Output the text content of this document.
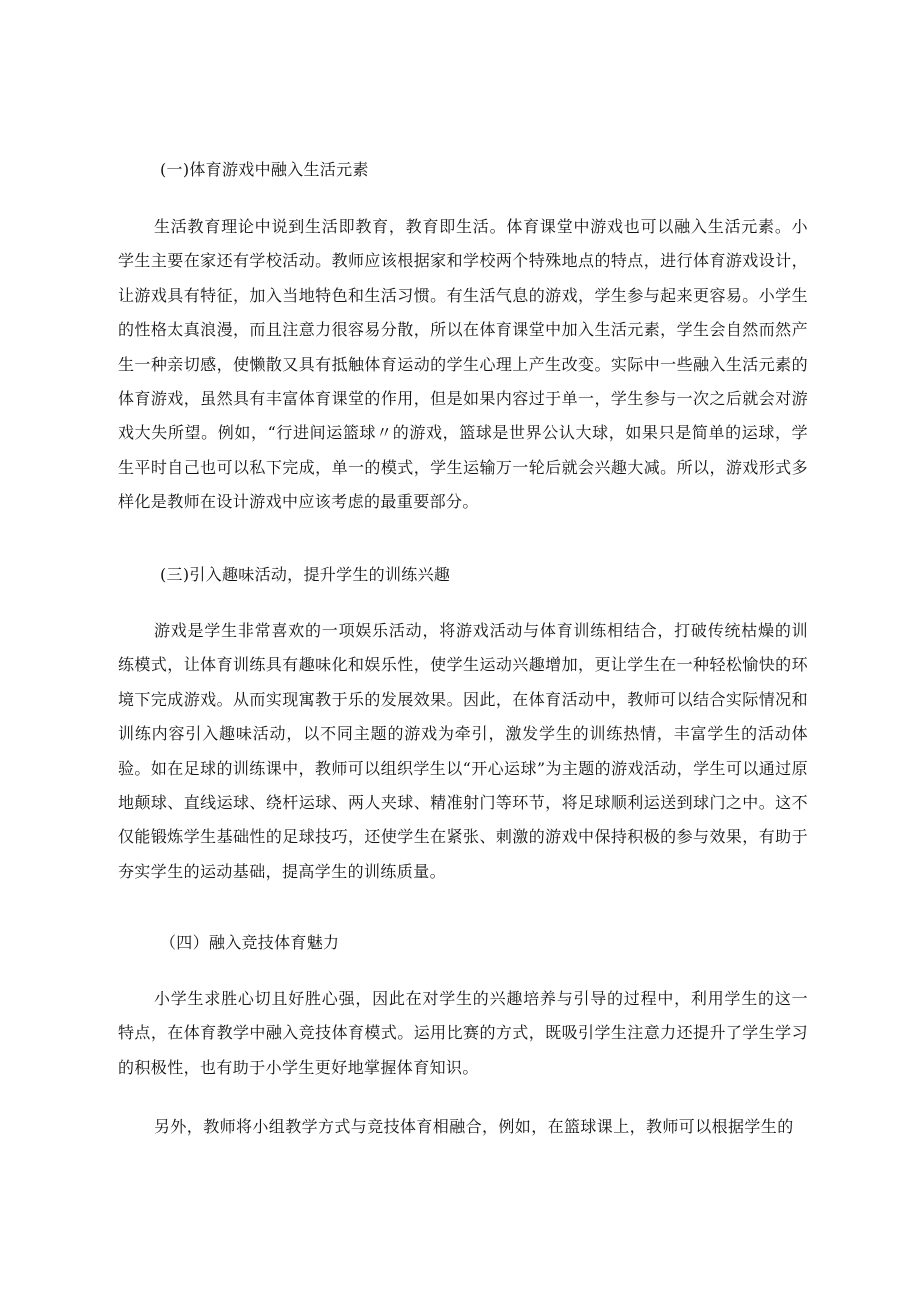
(一)体育游戏中融入生活元素

生活教育理论中说到生活即教育，教育即生活。体育课堂中游戏也可以融入生活元素。小学生主要在家还有学校活动。教师应该根据家和学校两个特殊地点的特点，进行体育游戏设计，让游戏具有特征，加入当地特色和生活习惯。有生活气息的游戏，学生参与起来更容易。小学生的性格太真浪漫，而且注意力很容易分散，所以在体育课堂中加入生活元素，学生会自然而然产生一种亲切感，使懒散又具有抵触体育运动的学生心理上产生改变。实际中一些融入生活元素的体育游戏，虽然具有丰富体育课堂的作用，但是如果内容过于单一，学生参与一次之后就会对游戏大失所望。例如，“行进间运篮球〃的游戏，篮球是世界公认大球，如果只是简单的运球，学生平时自己也可以私下完成，单一的模式，学生运输万一轮后就会兴趣大减。所以，游戏形式多样化是教师在设计游戏中应该考虑的最重要部分。

(三)引入趣味活动，提升学生的训练兴趣

游戏是学生非常喜欢的一项娱乐活动，将游戏活动与体育训练相结合，打破传统枯燥的训练模式，让体育训练具有趣味化和娱乐性，使学生运动兴趣增加，更让学生在一种轻松愉快的环境下完成游戏。从而实现寓教于乐的发展效果。因此，在体育活动中，教师可以结合实际情况和训练内容引入趣味活动，以不同主题的游戏为牵引，激发学生的训练热情，丰富学生的活动体验。如在足球的训练课中，教师可以组织学生以“开心运球”为主题的游戏活动，学生可以通过原地颠球、直线运球、绕杆运球、两人夹球、精准射门等环节，将足球顺利运送到球门之中。这不仅能锻炼学生基础性的足球技巧，还使学生在紧张、刺激的游戏中保持积极的参与效果，有助于夯实学生的运动基础，提高学生的训练质量。

（四）融入竞技体育魅力

小学生求胜心切且好胜心强，因此在对学生的兴趣培养与引导的过程中，利用学生的这一特点，在体育教学中融入竞技体育模式。运用比赛的方式，既吸引学生注意力还提升了学生学习的积极性，也有助于小学生更好地掌握体育知识。

另外，教师将小组教学方式与竞技体育相融合，例如，在篮球课上，教师可以根据学生的
